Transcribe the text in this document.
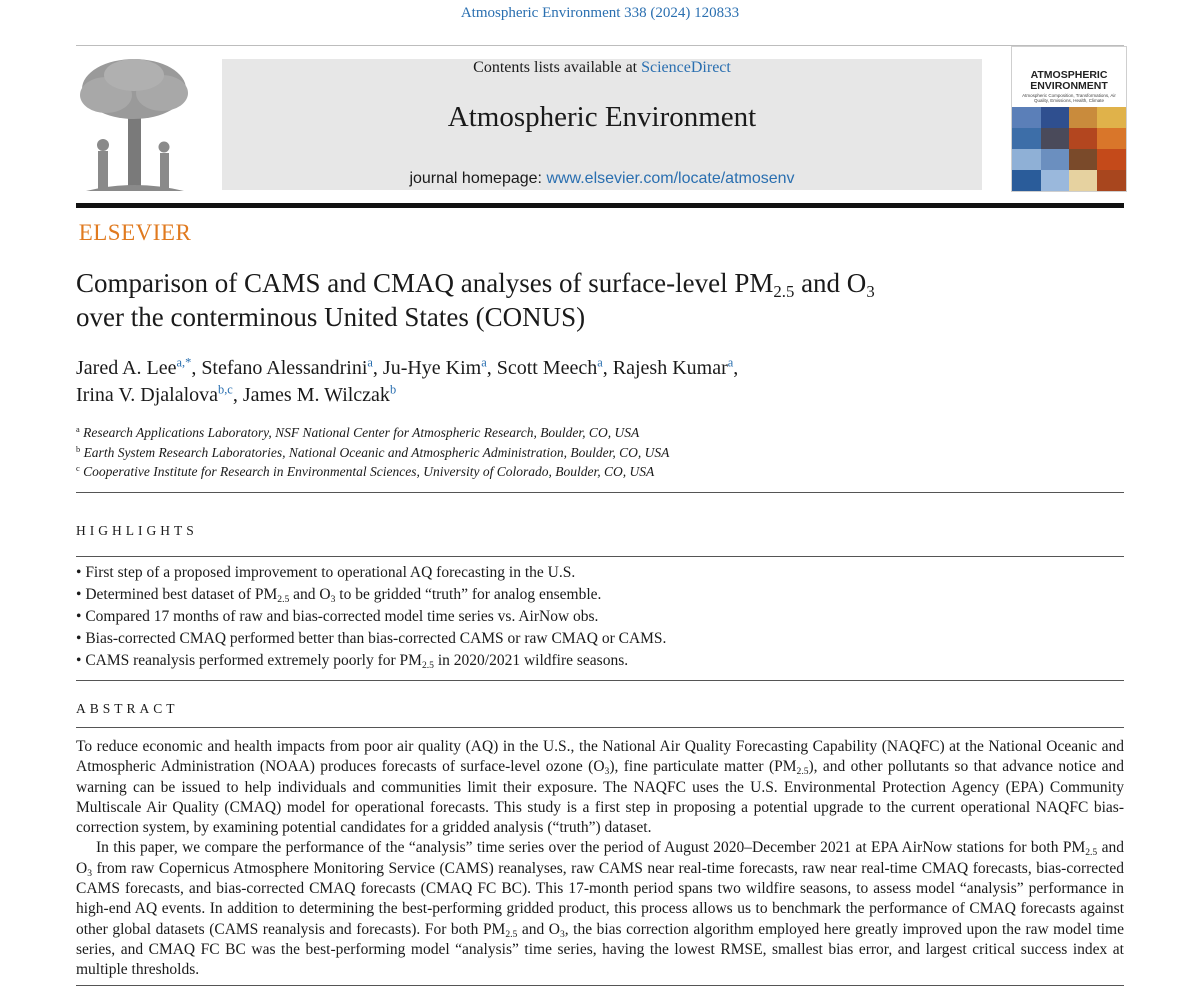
Atmospheric Environment 338 (2024) 120833
ELSEVIER
Contents lists available at ScienceDirect
Atmospheric Environment
journal homepage: www.elsevier.com/locate/atmosenv
ATMOSPHERIC
ENVIRONMENT
Atmospheric Composition, Transformations, Air Quality, Emissions, Health, Climate
Comparison of CAMS and CMAQ analyses of surface-level $PM_{2.5}$ and $O_3$
over the conterminous United States (CONUS)
Jared A. Lee$^{a,*}$, Stefano Alessandrini$^a$, Ju-Hye Kim$^a$, Scott Meech$^a$, Rajesh Kumar$^a$,
Irina V. Djalalova$^{b,c}$, James M. Wilczak$^b$
$^a$ Research Applications Laboratory, NSF National Center for Atmospheric Research, Boulder, CO, USA
$^b$ Earth System Research Laboratories, National Oceanic and Atmospheric Administration, Boulder, CO, USA
$^c$ Cooperative Institute for Research in Environmental Sciences, University of Colorado, Boulder, CO, USA
HIGHLIGHTS
• First step of a proposed improvement to operational AQ forecasting in the U.S.
• Determined best dataset of $PM_{2.5}$ and $O_3$ to be gridded “truth” for analog ensemble.
• Compared 17 months of raw and bias-corrected model time series vs. AirNow obs.
• Bias-corrected CMAQ performed better than bias-corrected CAMS or raw CMAQ or CAMS.
• CAMS reanalysis performed extremely poorly for $PM_{2.5}$ in 2020/2021 wildfire seasons.
ABSTRACT

To reduce economic and health impacts from poor air quality (AQ) in the U.S., the National Air Quality Forecasting Capability (NAQFC) at the National Oceanic and Atmospheric Administration (NOAA) produces forecasts of surface-level ozone $(O_3)$, fine particulate matter $(PM_{2.5})$, and other pollutants so that advance notice and warning can be issued to help individuals and communities limit their exposure. The NAQFC uses the U.S. Environmental Protection Agency (EPA) Community Multiscale Air Quality (CMAQ) model for operational forecasts. This study is a first step in proposing a potential upgrade to the current operational NAQFC bias-correction system, by examining potential candidates for a gridded analysis (“truth”) dataset.

In this paper, we compare the performance of the “analysis” time series over the period of August 2020–December 2021 at EPA AirNow stations for both $PM_{2.5}$ and $O_3$ from raw Copernicus Atmosphere Monitoring Service (CAMS) reanalyses, raw CAMS near real-time forecasts, raw near real-time CMAQ forecasts, bias-corrected CAMS forecasts, and bias-corrected CMAQ forecasts (CMAQ FC BC). This 17-month period spans two wildfire seasons, to assess model “analysis” performance in high-end AQ events. In addition to determining the best-performing gridded product, this process allows us to benchmark the performance of CMAQ forecasts against other global datasets (CAMS reanalysis and forecasts). For both $PM_{2.5}$ and $O_3$, the bias correction algorithm employed here greatly improved upon the raw model time series, and CMAQ FC BC was the best-performing model “analysis” time series, having the lowest RMSE, smallest bias error, and largest critical success index at multiple thresholds.
